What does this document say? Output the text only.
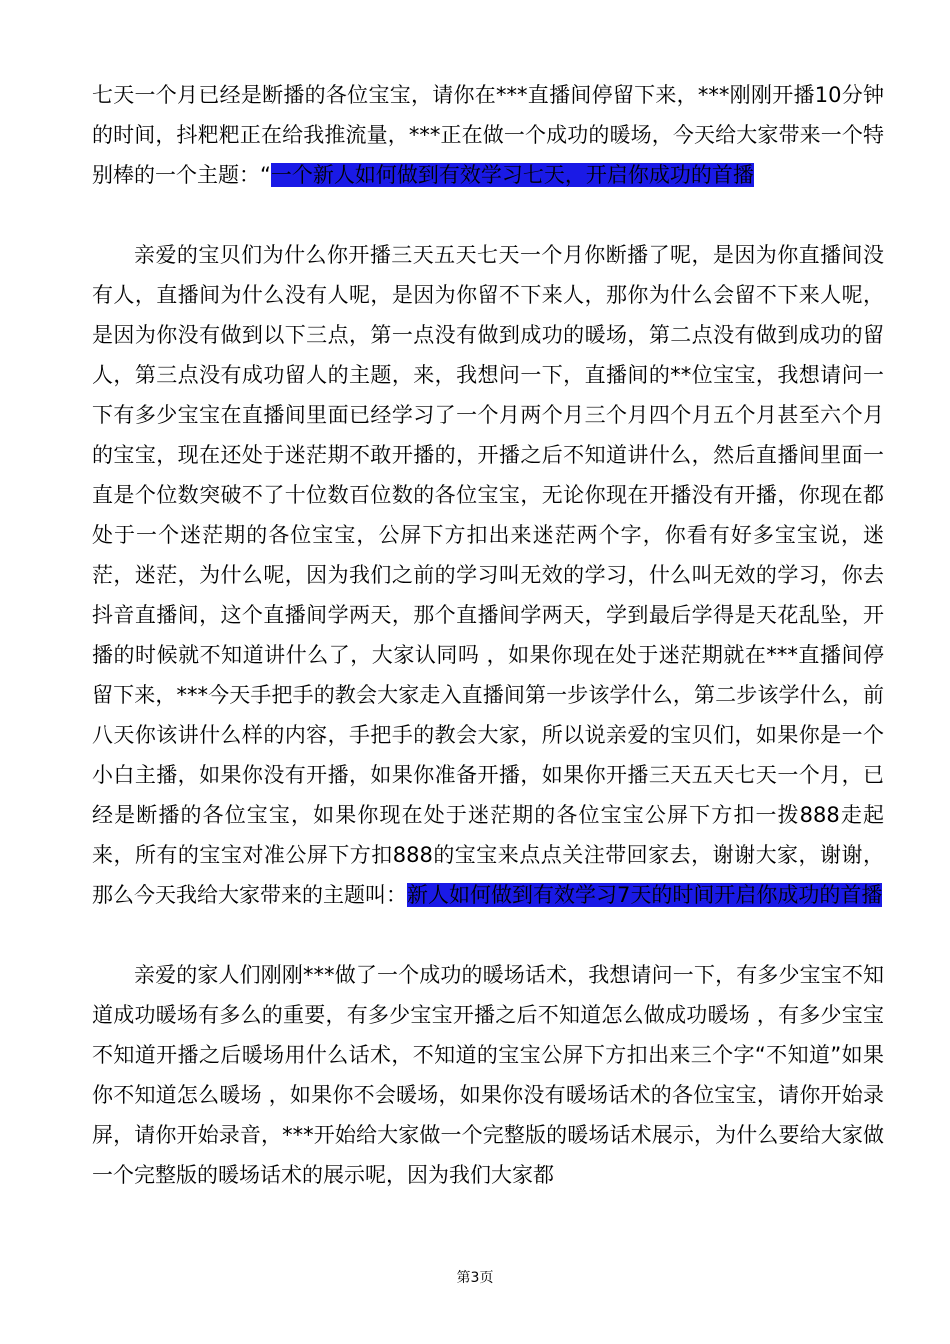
七天一个月已经是断播的各位宝宝，请你在***直播间停留下来，***刚刚开播10分钟的时间，抖粑粑正在给我推流量，***正在做一个成功的暖场，今天给大家带来一个特别棒的一个主题：“一个新人如何做到有效学习七天，开启你成功的首播

亲爱的宝贝们为什么你开播三天五天七天一个月你断播了呢，是因为你直播间没有人，直播间为什么没有人呢，是因为你留不下来人，那你为什么会留不下来人呢，是因为你没有做到以下三点，第一点没有做到成功的暖场，第二点没有做到成功的留人，第三点没有成功留人的主题，来，我想问一下，直播间的**位宝宝，我想请问一下有多少宝宝在直播间里面已经学习了一个月两个月三个月四个月五个月甚至六个月的宝宝，现在还处于迷茫期不敢开播的，开播之后不知道讲什么，然后直播间里面一直是个位数突破不了十位数百位数的各位宝宝，无论你现在开播没有开播，你现在都处于一个迷茫期的各位宝宝，公屏下方扣出来迷茫两个字，你看有好多宝宝说，迷茫，迷茫，为什么呢，因为我们之前的学习叫无效的学习，什么叫无效的学习，你去抖音直播间，这个直播间学两天，那个直播间学两天，学到最后学得是天花乱坠，开播的时候就不知道讲什么了，大家认同吗 ，如果你现在处于迷茫期就在***直播间停留下来，***今天手把手的教会大家走入直播间第一步该学什么，第二步该学什么，前八天你该讲什么样的内容，手把手的教会大家，所以说亲爱的宝贝们，如果你是一个小白主播，如果你没有开播，如果你准备开播，如果你开播三天五天七天一个月，已经是断播的各位宝宝，如果你现在处于迷茫期的各位宝宝公屏下方扣一拨888走起来，所有的宝宝对准公屏下方扣888的宝宝来点点关注带回家去，谢谢大家，谢谢，那么今天我给大家带来的主题叫：新人如何做到有效学习7天的时间开启你成功的首播

亲爱的家人们刚刚***做了一个成功的暖场话术，我想请问一下，有多少宝宝不知道成功暖场有多么的重要，有多少宝宝开播之后不知道怎么做成功暖场 ，有多少宝宝不知道开播之后暖场用什么话术，不知道的宝宝公屏下方扣出来三个字“不知道”如果你不知道怎么暖场 ，如果你不会暖场，如果你没有暖场话术的各位宝宝，请你开始录屏，请你开始录音，***开始给大家做一个完整版的暖场话术展示，为什么要给大家做一个完整版的暖场话术的展示呢，因为我们大家都

第3页
